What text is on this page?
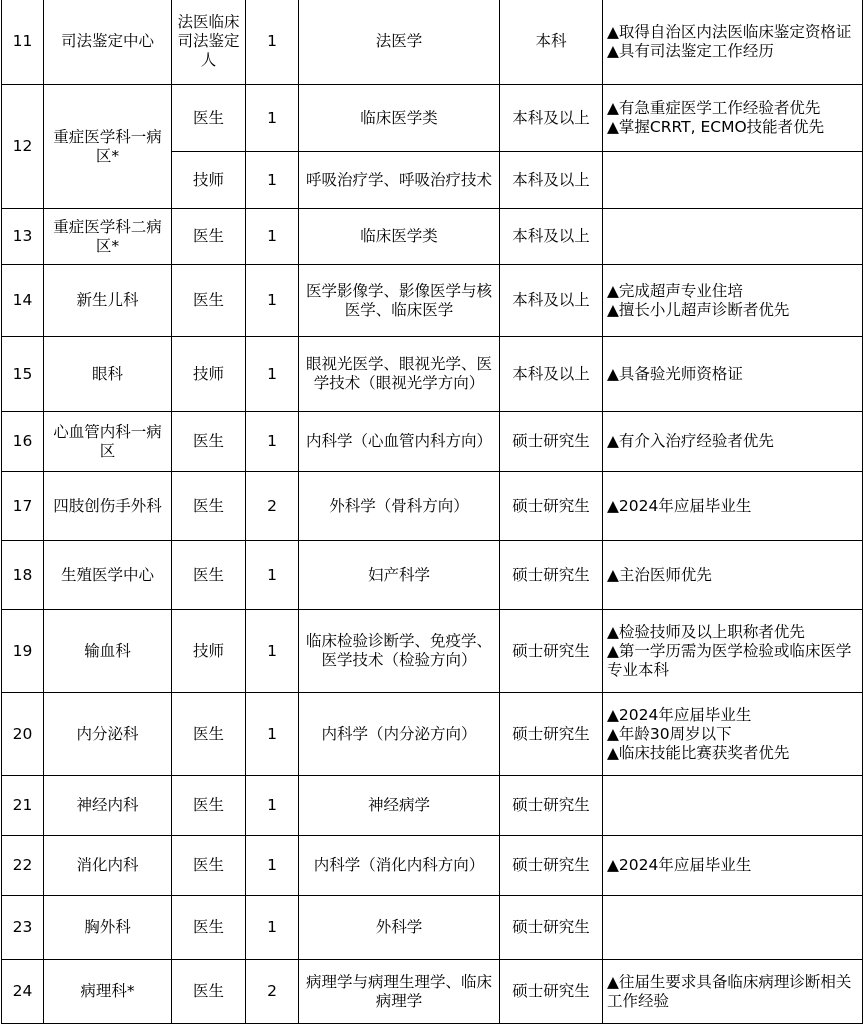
11	司法鉴定中心	法医临床司法鉴定人	1	法医学	本科	▲取得自治区内法医临床鉴定资格证
▲具有司法鉴定工作经历

12	重症医学科一病区*	医生	1	临床医学类	本科及以上	▲有急重症医学工作经验者优先
▲掌握CRRT, ECMO技能者优先

		技师	1	呼吸治疗学、呼吸治疗技术	本科及以上	
13	重症医学科二病区*	医生	1	临床医学类	本科及以上	
14	新生儿科	医生	1	医学影像学、影像医学与核医学、临床医学	本科及以上	▲完成超声专业住培
▲擅长小儿超声诊断者优先

15	眼科	技师	1	眼视光医学、眼视光学、医学技术（眼视光学方向）	本科及以上	▲具备验光师资格证

16	心血管内科一病区	医生	1	内科学（心血管内科方向）	硕士研究生	▲有介入治疗经验者优先

17	四肢创伤手外科	医生	2	外科学（骨科方向）	硕士研究生	▲2024年应届毕业生

18	生殖医学中心	医生	1	妇产科学	硕士研究生	▲主治医师优先

19	输血科	技师	1	临床检验诊断学、免疫学、医学技术（检验方向）	硕士研究生	▲检验技师及以上职称者优先
▲第一学历需为医学检验或临床医学专业本科

20	内分泌科	医生	1	内科学（内分泌方向）	硕士研究生	▲2024年应届毕业生
▲年龄30周岁以下
▲临床技能比赛获奖者优先

21	神经内科	医生	1	神经病学	硕士研究生	
22	消化内科	医生	1	内科学（消化内科方向）	硕士研究生	▲2024年应届毕业生

23	胸外科	医生	1	外科学	硕士研究生	
24	病理科*	医生	2	病理学与病理生理学、临床病理学	硕士研究生	▲往届生要求具备临床病理诊断相关工作经验
